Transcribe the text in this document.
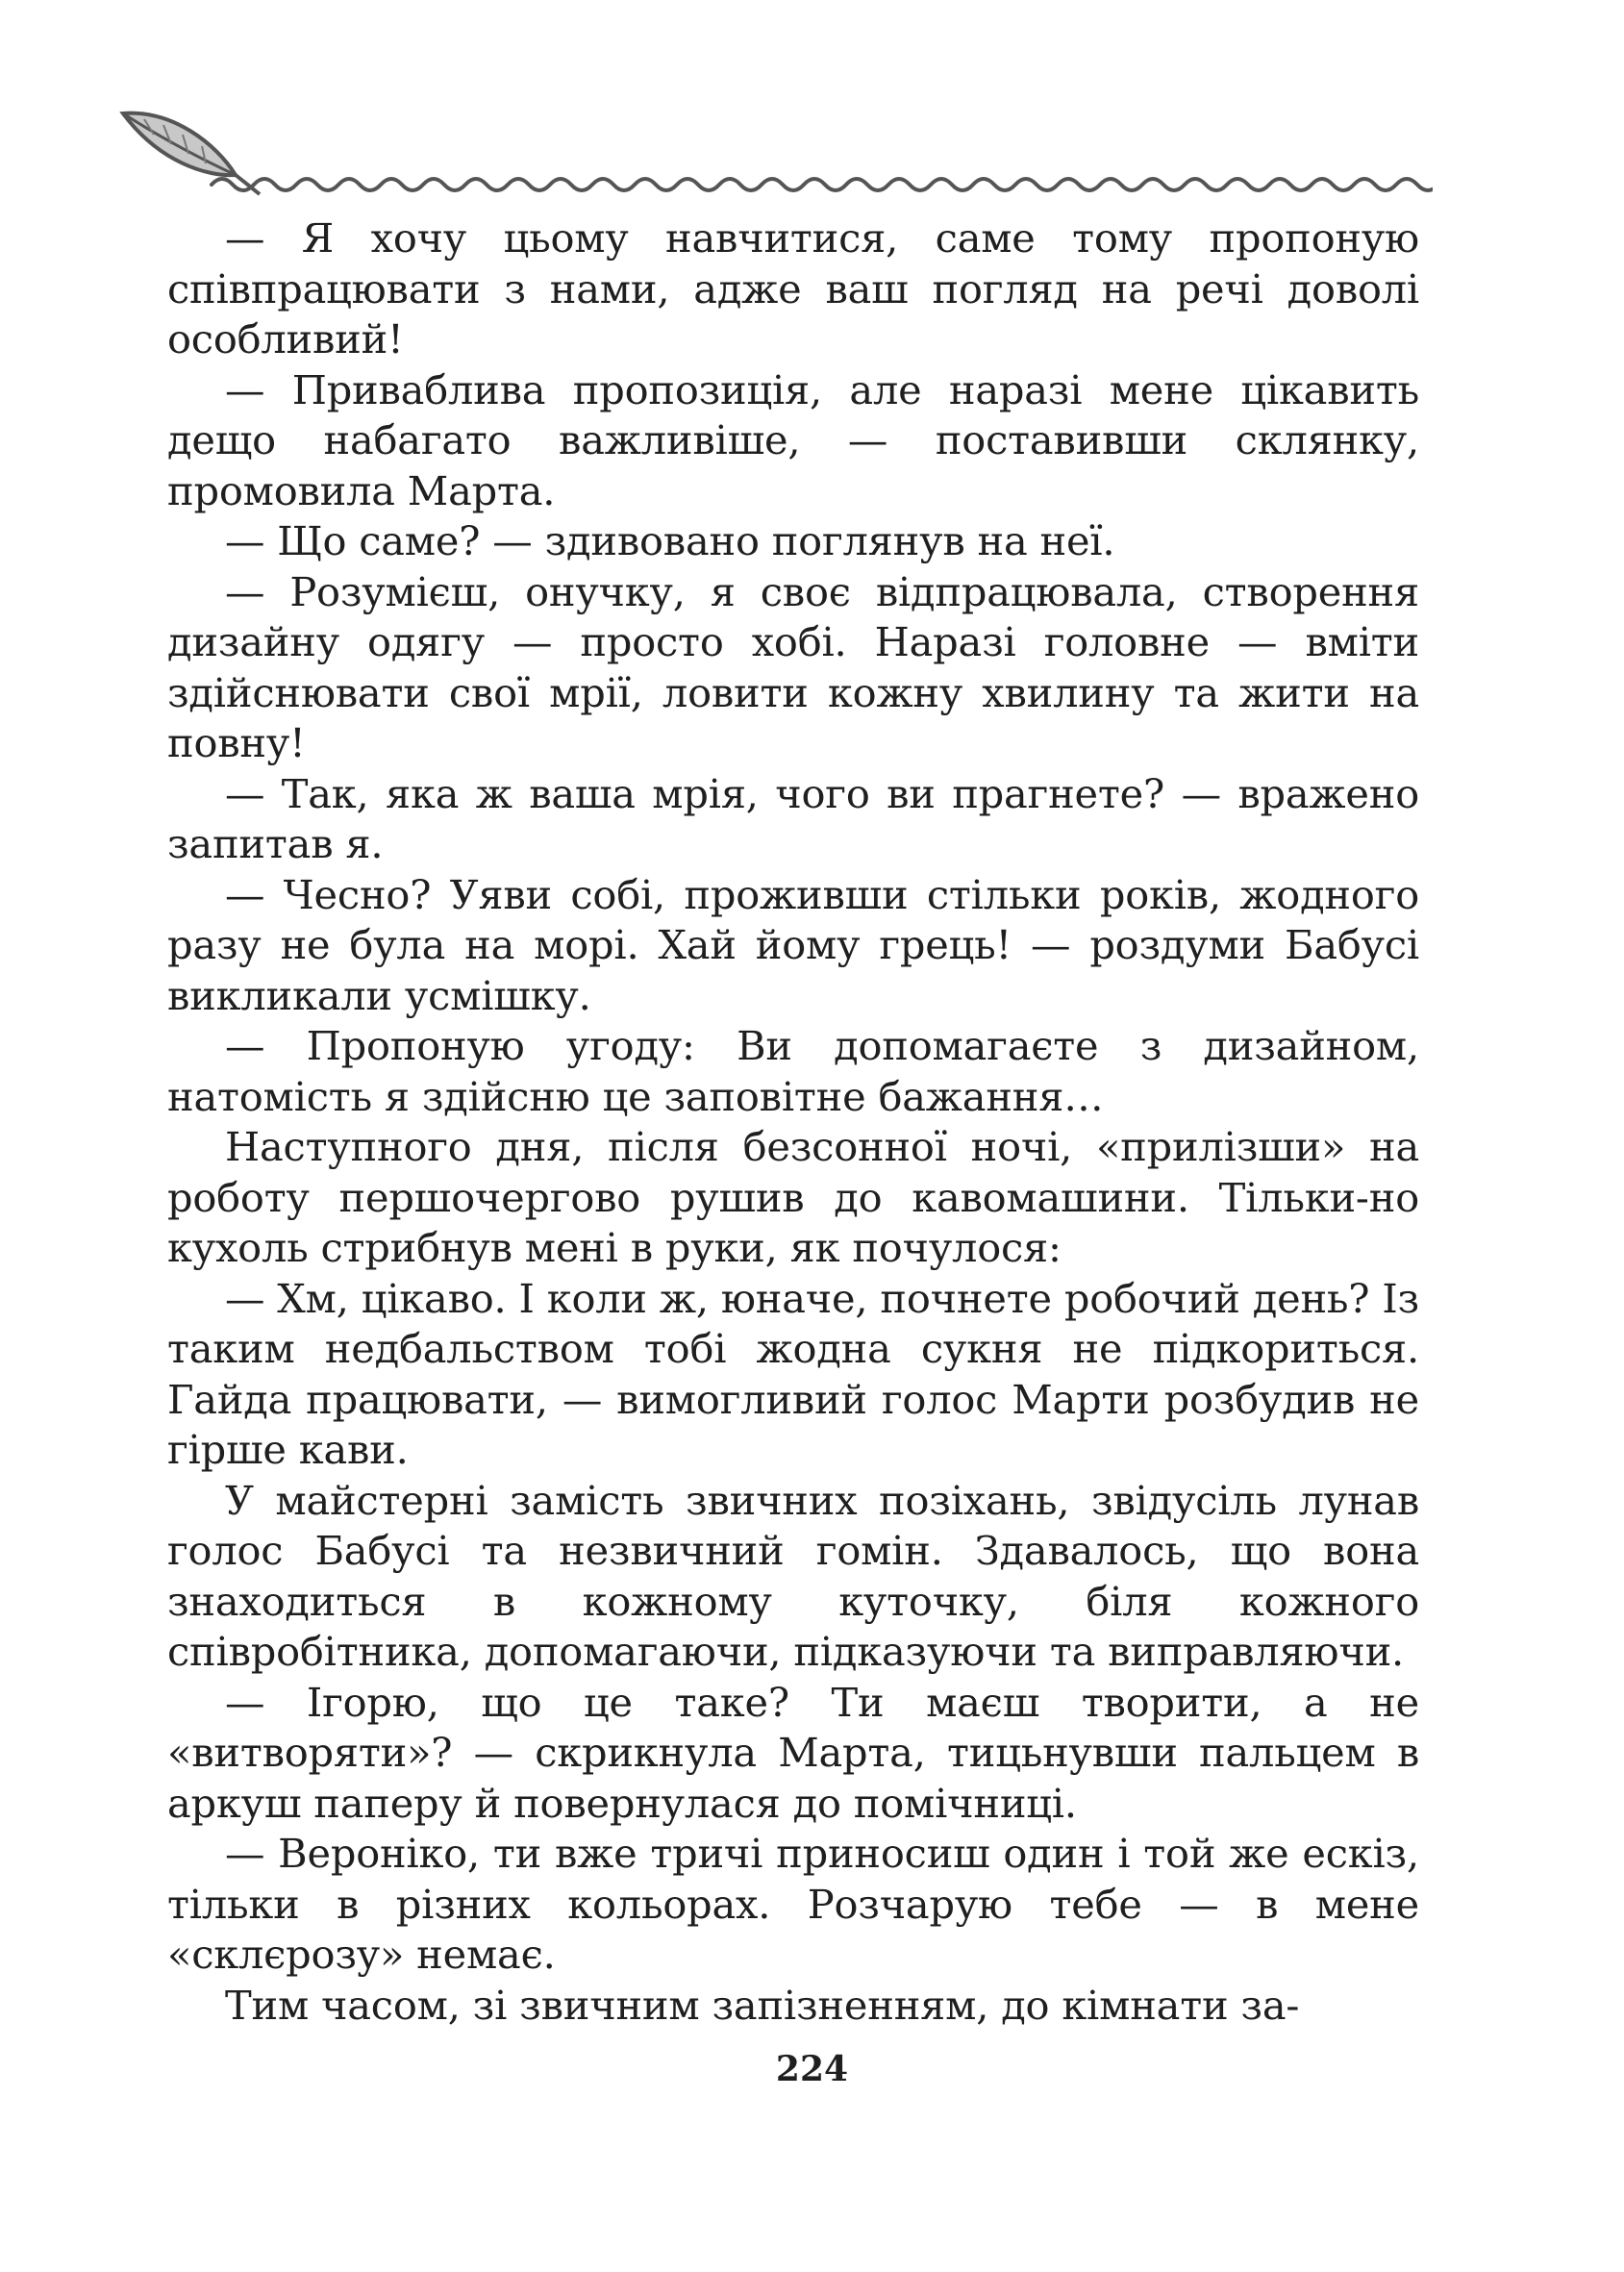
— Я хочу цьому навчитися, саме тому пропоную співпрацювати з нами, адже ваш погляд на речі доволі особливий!

— Приваблива пропозиція, але наразі мене цікавить дещо набагато важливіше, — поставивши склянку, промовила Марта.

— Що саме? — здивовано поглянув на неї.

— Розумієш, онучку, я своє відпрацювала, створення дизайну одягу — просто хобі. Наразі головне — вміти здійснювати свої мрії, ловити кожну хвилину та жити на повну!

— Так, яка ж ваша мрія, чого ви прагнете? — вражено запитав я.

— Чесно? Уяви собі, проживши стільки років, жодного разу не була на морі. Хай йому грець! — роздуми Бабусі викликали усмішку.

— Пропоную угоду: Ви допомагаєте з дизайном, натомість я здійсню це заповітне бажання…

Наступного дня, після безсонної ночі, «прилізши» на роботу першочергово рушив до кавомашини. Тільки-но кухоль стрибнув мені в руки, як почулося:

— Хм, цікаво. І коли ж, юначе, почнете робочий день? Із таким недбальством тобі жодна сукня не підкориться. Гайда працювати, — вимогливий голос Марти розбудив не гірше кави.

У майстерні замість звичних позіхань, звідусіль лунав голос Бабусі та незвичний гомін. Здавалось, що вона знаходиться в кожному куточку, біля кожного співробітника, допомагаючи, підказуючи та виправляючи.

— Ігорю, що це таке? Ти маєш творити, а не «витворяти»? — скрикнула Марта, тицьнувши пальцем в аркуш паперу й повернулася до помічниці.

— Вероніко, ти вже тричі приносиш один і той же ескіз, тільки в різних кольорах. Розчарую тебе — в мене «склєрозу» немає.

Тим часом, зі звичним запізненням, до кімнати за-

224
